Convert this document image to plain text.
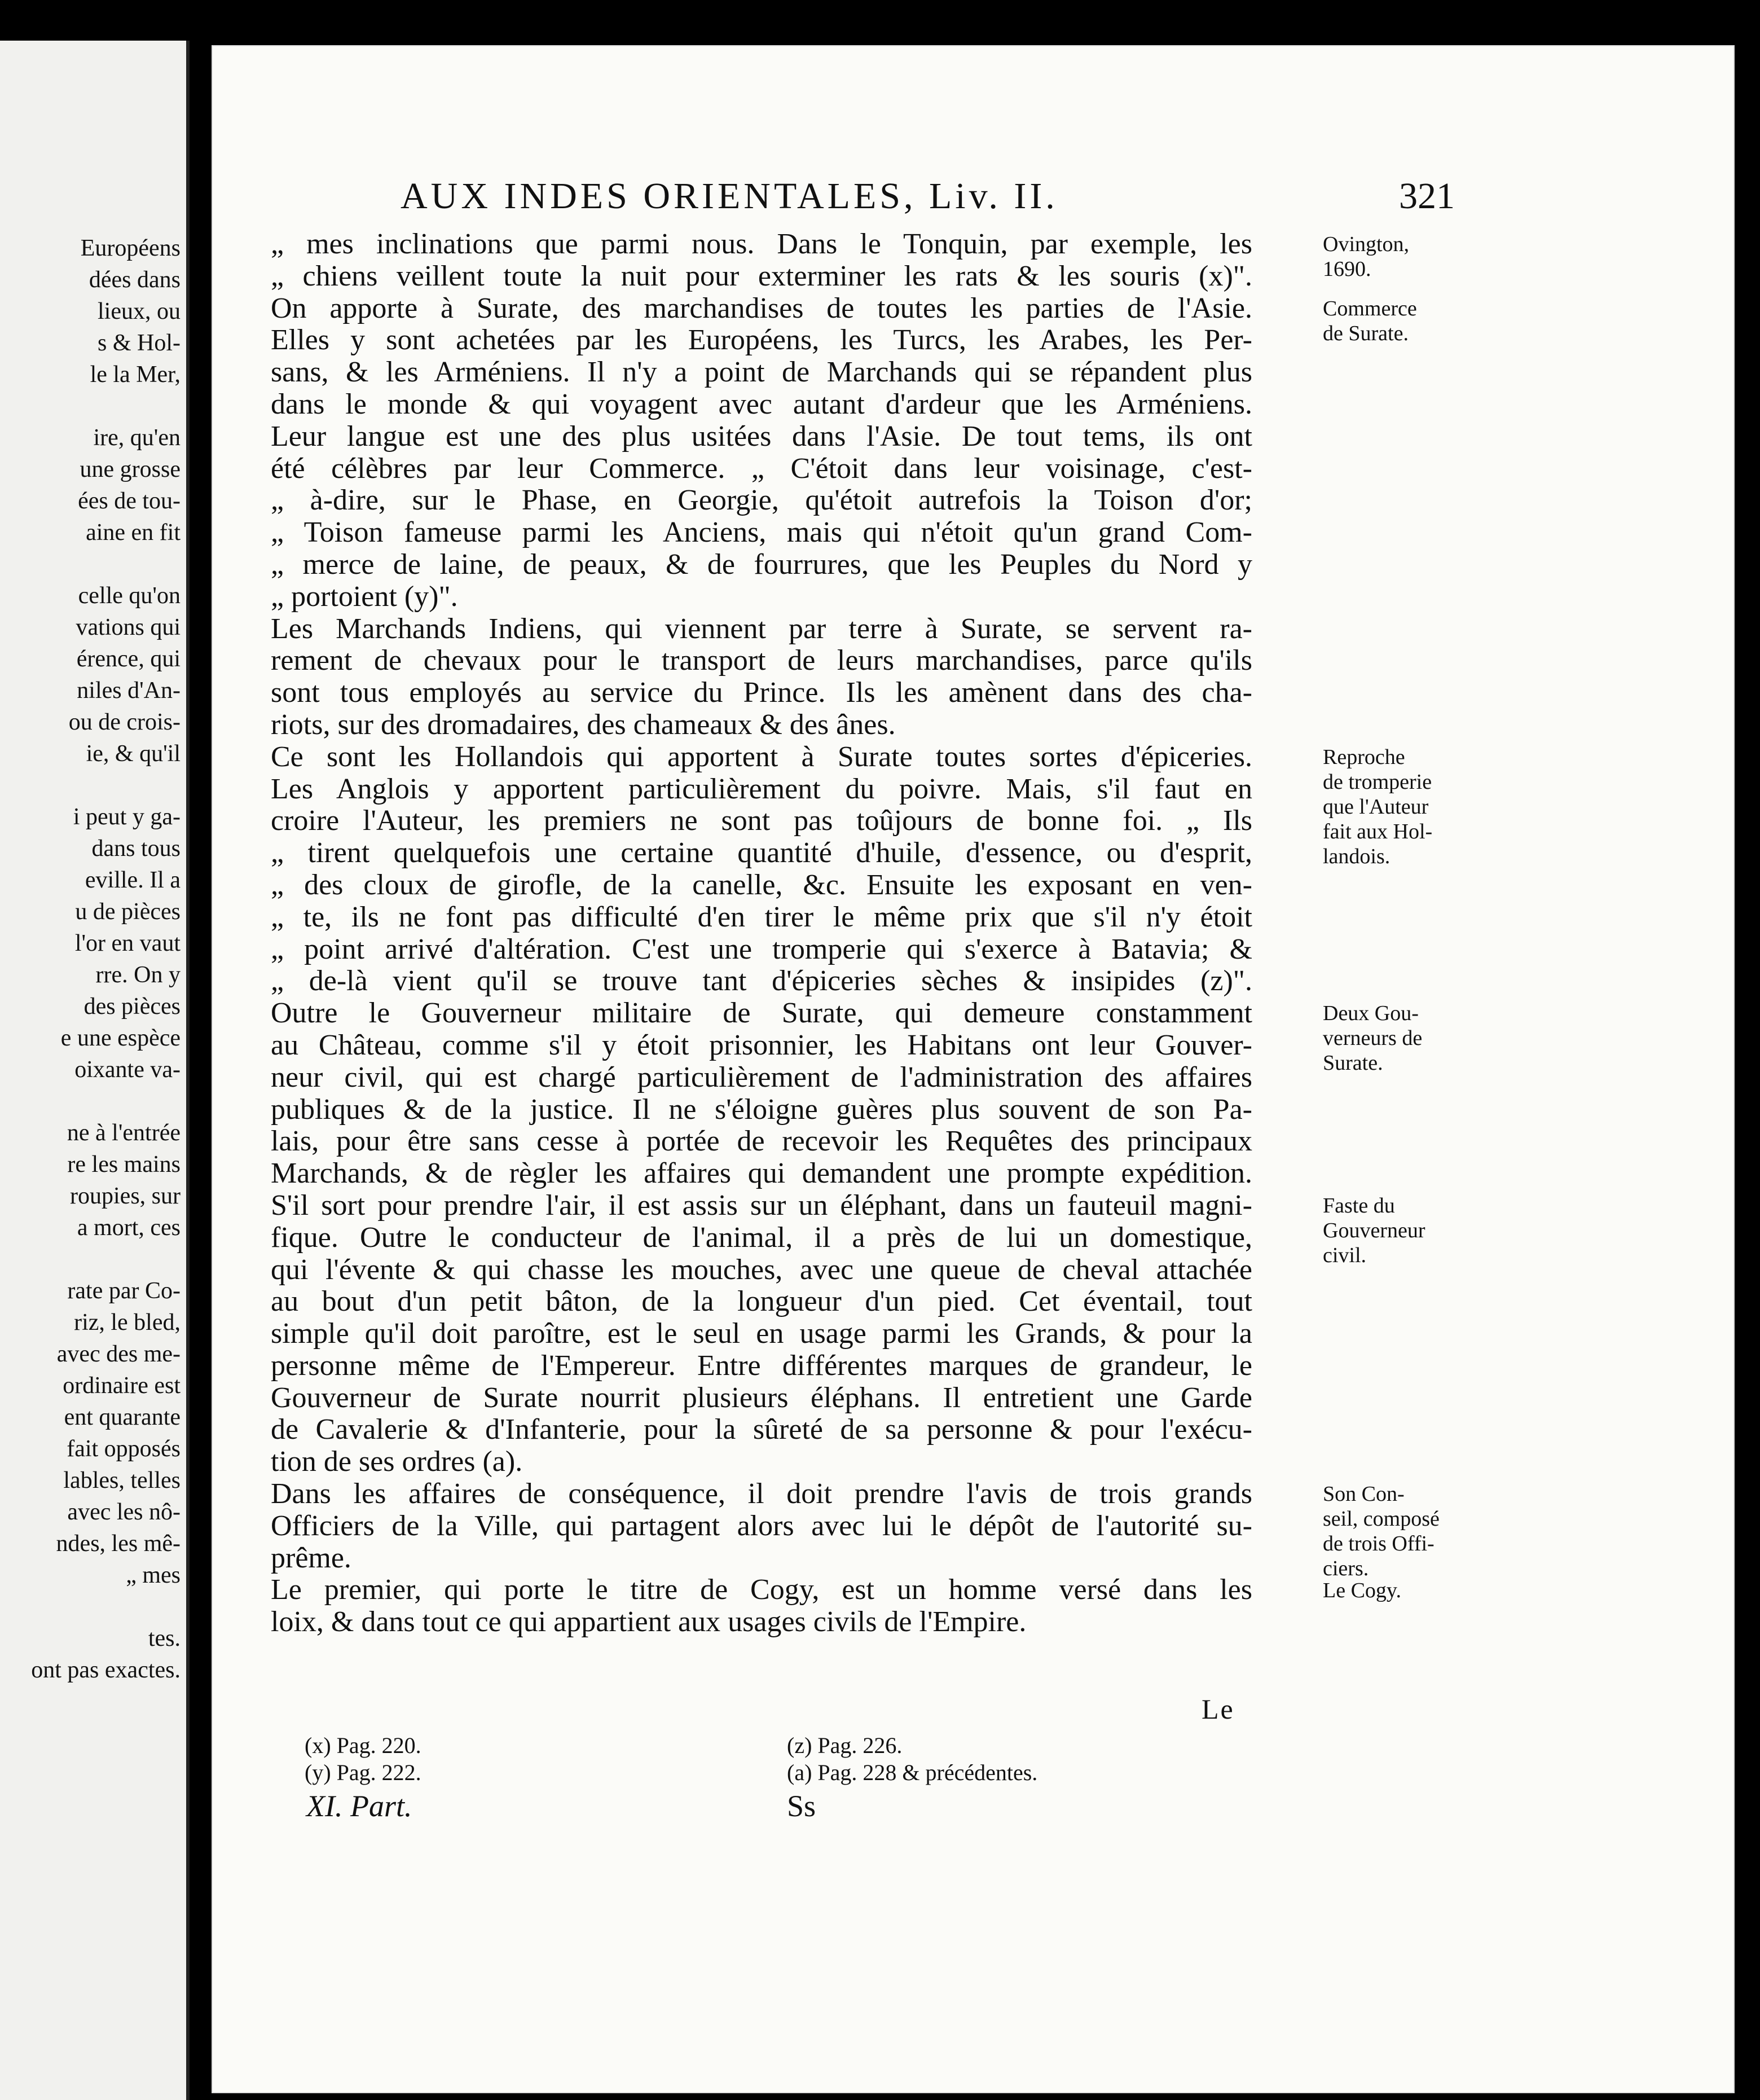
Européens
dées dans
lieux, ou
s & Hol-
le la Mer,
ire, qu'en
une grosse
ées de tou-
aine en fit
celle qu'on
vations qui
érence, qui
niles d'An-
ou de crois-
ie, & qu'il
i peut y ga-
dans tous
eville. Il a
u de pièces
l'or en vaut
rre. On y
des pièces
e une espèce
oixante va-
ne à l'entrée
re les mains
roupies, sur
a mort, ces
rate par Co-
riz, le bled,
avec des me-
ordinaire est
ent quarante
fait opposés
lables, telles
avec les nô-
ndes, les mê-
„ mes
tes.
ont pas exactes.
AUX INDES ORIENTALES, Liv. II.	321
„ mes inclinations que parmi nous. Dans le Tonquin, par exemple, les
„ chiens veillent toute la nuit pour exterminer les rats & les souris (x)".
On apporte à Surate, des marchandises de toutes les parties de l'Asie.
Elles y sont achetées par les Européens, les Turcs, les Arabes, les Per-
sans, & les Arméniens. Il n'y a point de Marchands qui se répandent plus
dans le monde & qui voyagent avec autant d'ardeur que les Arméniens.
Leur langue est une des plus usitées dans l'Asie. De tout tems, ils ont
été célèbres par leur Commerce. „ C'étoit dans leur voisinage, c'est-
„ à-dire, sur le Phase, en Georgie, qu'étoit autrefois la Toison d'or;
„ Toison fameuse parmi les Anciens, mais qui n'étoit qu'un grand Com-
„ merce de laine, de peaux, & de fourrures, que les Peuples du Nord y
„ portoient (y)".
Les Marchands Indiens, qui viennent par terre à Surate, se servent ra-
rement de chevaux pour le transport de leurs marchandises, parce qu'ils
sont tous employés au service du Prince. Ils les amènent dans des cha-
riots, sur des dromadaires, des chameaux & des ânes.
Ce sont les Hollandois qui apportent à Surate toutes sortes d'épiceries.
Les Anglois y apportent particulièrement du poivre. Mais, s'il faut en
croire l'Auteur, les premiers ne sont pas toûjours de bonne foi. „ Ils
„ tirent quelquefois une certaine quantité d'huile, d'essence, ou d'esprit,
„ des cloux de girofle, de la canelle, &c. Ensuite les exposant en ven-
„ te, ils ne font pas difficulté d'en tirer le même prix que s'il n'y étoit
„ point arrivé d'altération. C'est une tromperie qui s'exerce à Batavia; &
„ de-là vient qu'il se trouve tant d'épiceries sèches & insipides (z)".
Outre le Gouverneur militaire de Surate, qui demeure constamment
au Château, comme s'il y étoit prisonnier, les Habitans ont leur Gouver-
neur civil, qui est chargé particulièrement de l'administration des affaires
publiques & de la justice. Il ne s'éloigne guères plus souvent de son Pa-
lais, pour être sans cesse à portée de recevoir les Requêtes des principaux
Marchands, & de règler les affaires qui demandent une prompte expédition.
S'il sort pour prendre l'air, il est assis sur un éléphant, dans un fauteuil magni-
fique. Outre le conducteur de l'animal, il a près de lui un domestique,
qui l'évente & qui chasse les mouches, avec une queue de cheval attachée
au bout d'un petit bâton, de la longueur d'un pied. Cet éventail, tout
simple qu'il doit paroître, est le seul en usage parmi les Grands, & pour la
personne même de l'Empereur. Entre différentes marques de grandeur, le
Gouverneur de Surate nourrit plusieurs éléphans. Il entretient une Garde
de Cavalerie & d'Infanterie, pour la sûreté de sa personne & pour l'exécu-
tion de ses ordres (a).
Dans les affaires de conséquence, il doit prendre l'avis de trois grands
Officiers de la Ville, qui partagent alors avec lui le dépôt de l'autorité su-
prême.
Le premier, qui porte le titre de Cogy, est un homme versé dans les
loix, & dans tout ce qui appartient aux usages civils de l'Empire.
Ovington,
1690.
Commerce
de Surate.
Reproche
de tromperie
que l'Auteur
fait aux Hol-
landois.
Deux Gou-
verneurs de
Surate.
Faste du
Gouverneur
civil.
Son Con-
seil, composé
de trois Offi-
ciers.
Le Cogy.
Le
(x) Pag. 220.
(y) Pag. 222.
(z) Pag. 226.
(a) Pag. 228 & précédentes.
XI. Part.	Ss
